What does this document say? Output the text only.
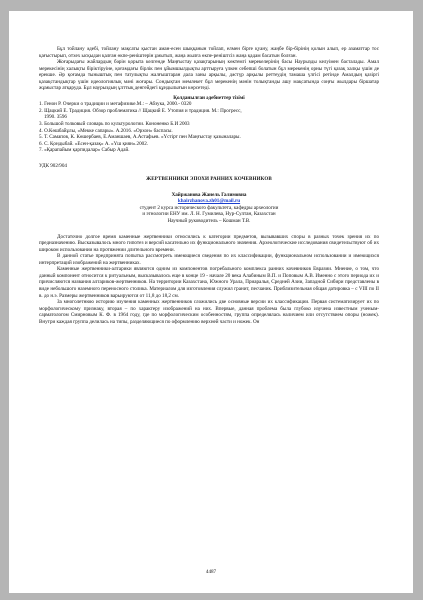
Бұл тойлану әдебі, тойлану мақсаты қыстан аман-есен шыққанын тойлап, елмен бірге қуану, жаңбе бір-бірінің қолын алып, ер азаматтар тос қағыстырып, отхех ысқыдан қалған өкпе-реніштерін ұмытып, жаңа жылға өкпе-реніштсіз жаңа қадам басатын болған.

Жоғарыдағы жайлардың бәрін қорыта келгенде Маңғыстау қазақтарының көктемгі мерекелерінің басы Наурызды келуімен басталады. Амал мерекесінің халықты біріктіруіне, қоғамдағы бірлік пен ұйымшылдықты арттыруға үлкен себепші болатын бұл мерекенің орны түгі қазақ халқы үшін де ерекше. Әр қоғамда тыныштық пен татулықты жалғыштаран дала заны арқылы, дәстүр арқылы реттеудің тамаша үлгісі ретінде Амалдың қазіргі қазақстандықтар үшін идеологиялық мәні жоғары. Сондықтан мемлекет бұл мерекенің мәнін толықтанды ашу мақсатында соңғы жылдары біршатар жұмыстар атқаруда. Бұл наурыздың ұлттық денгейдегі құндылығын көрсетеді.

Қолданылған әдебиеттер тізімі

1. Генон Р. Очерки о традиции и метафизике.М.: – Абзука, 2000.- 0320
2. Щацкий Е. Традиция. Обзор проблематика // Щацкий Е. Утопия и традиция. М.: Прогресс,
1990. 3596
3. Большой толковый словарь по культурологии. Кононенко Б.И 2003
4. О.Көшбайұлы, «Мекке сапары». А.2016. «Орхон» баспасы.
5. Т. Самапов, К. Көшербаев, Е.Аманшаев, А.Астафьев. «Үстірт пен Маңғыстау қазыналары.
6. С. Қондыбай. «Есен-қазақ» А. «Үш қиян».2002.
7. «Қарапайым қарпидалар» Сабыр Адай.

УДК 902/904

ЖЕРТВЕННИКИ ЭПОХИ РАННИХ КОЧЕВНИКОВ

Хайржанова Жанель Галимовна

khairzhanova.zh01@mail.ru

студент 2 курса исторического факультета, кафедры археологии

и этнологии ЕНУ им. Л. Н. Гумилева, Нур-Султан, Казахстан

Научный руководитель – Кошман Т.В.

Достаточно долгое время каменные жертвенники относились к категории предметов, вызывавших споры в разных точек зрения их по предназначению. Высказывалось много гипотез и версий касательно их функционального значения. Археологические исследования свидетельствуют об их широком использовании на протяжении длительного времени.

В данной статье предпринята попытка рассмотреть имеющиеся сведения по их классификации, функциональном использовании и имеющихся интерпретаций изображений на жертвенниках.

Каменные жертвенники-алтарики являются одним из компонентов погребального комплекса ранних кочевников Евразии. Мнение, о том, что данный компонент относится к ритуальным, высказывалось еще в конце 19 - начале 20 века Алабиным В.П. и Поповым А.В. Именно с этого периода их и причисляются названия алтариков-жертвенников. На территории Казахстана, Южного Урала, Приаралья, Средней Азии, Западной Сибири представлены в виде небольшого наземного переносного столика. Материалом для изготовления служил гранит, песчаник. Приблизительная общая датировка – с VIII по II в. до н.э. Размеры жертвенников варьируются от 11,8 до 18,2 см.

За многолетнюю историю изучения каменных жертвенников сложились две основные версии их классификации. Первая систематизирует их по морфологическому признаку, вторая – по характеру изображений на них. Впервые, данная проблема была глубоко изучена известным ученым-сарматологом Смирновым К. Ф. в 1964 году, где по морфологическим особенностям, группа определялась наличием или отсутствием опоры (ножек). Внутри каждая группа делилась на типы, разделяющиеся по оформлению верхней части и ножек. Он

4487
